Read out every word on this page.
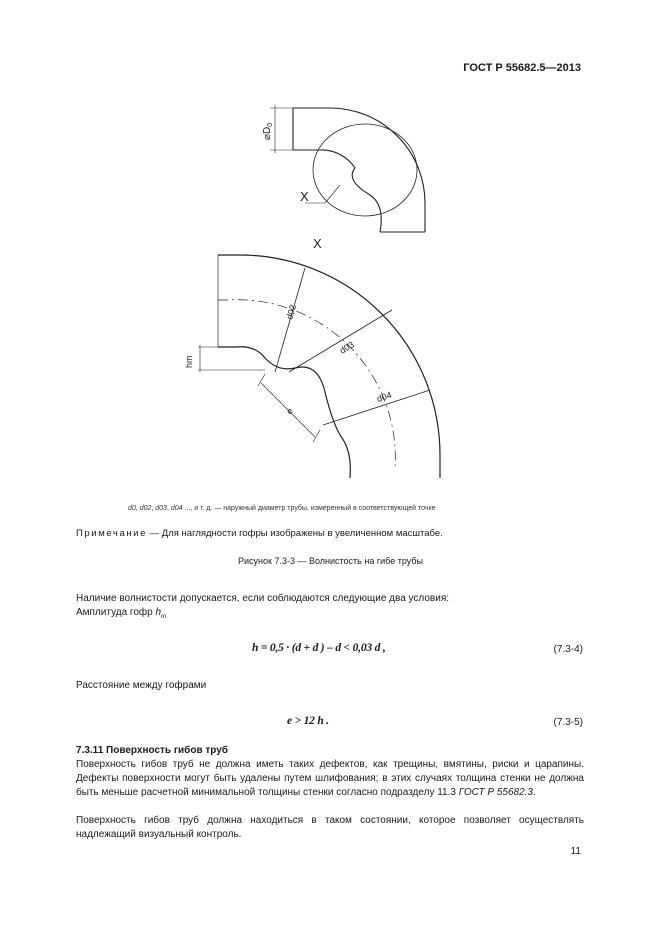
ГОСТ Р 55682.5—2013
$⌀D_0$
X
X
d02
d03
d04
hm
e
d0, d02, d03, d04 ..., и т. д. — наружный диаметр трубы, измеренный в соответствующей точке
Примечание — Для наглядности гофры изображены в увеличенном масштабе.
Рисунок 7.3-3 — Волнистость на гибе трубы
Наличие волнистости допускается, если соблюдаются следующие два условия:
Амплитуда гофр $h_m$
h = 0,5 · (d + d ) – d < 0,03 d ,	(7.3-4)
Расстояние между гофрами
e > 12 h .	(7.3-5)
7.3.11 Поверхность гибов труб
Поверхность гибов труб не должна иметь таких дефектов, как трещины, вмятины, риски и царапины. Дефекты поверхности могут быть удалены путем шлифования; в этих случаях толщина стенки не должна быть меньше расчетной минимальной толщины стенки согласно подразделу 11.3 ГОСТ Р 55682.3.
Поверхность гибов труб должна находиться в таком состоянии, которое позволяет осуществлять надлежащий визуальный контроль.
11
